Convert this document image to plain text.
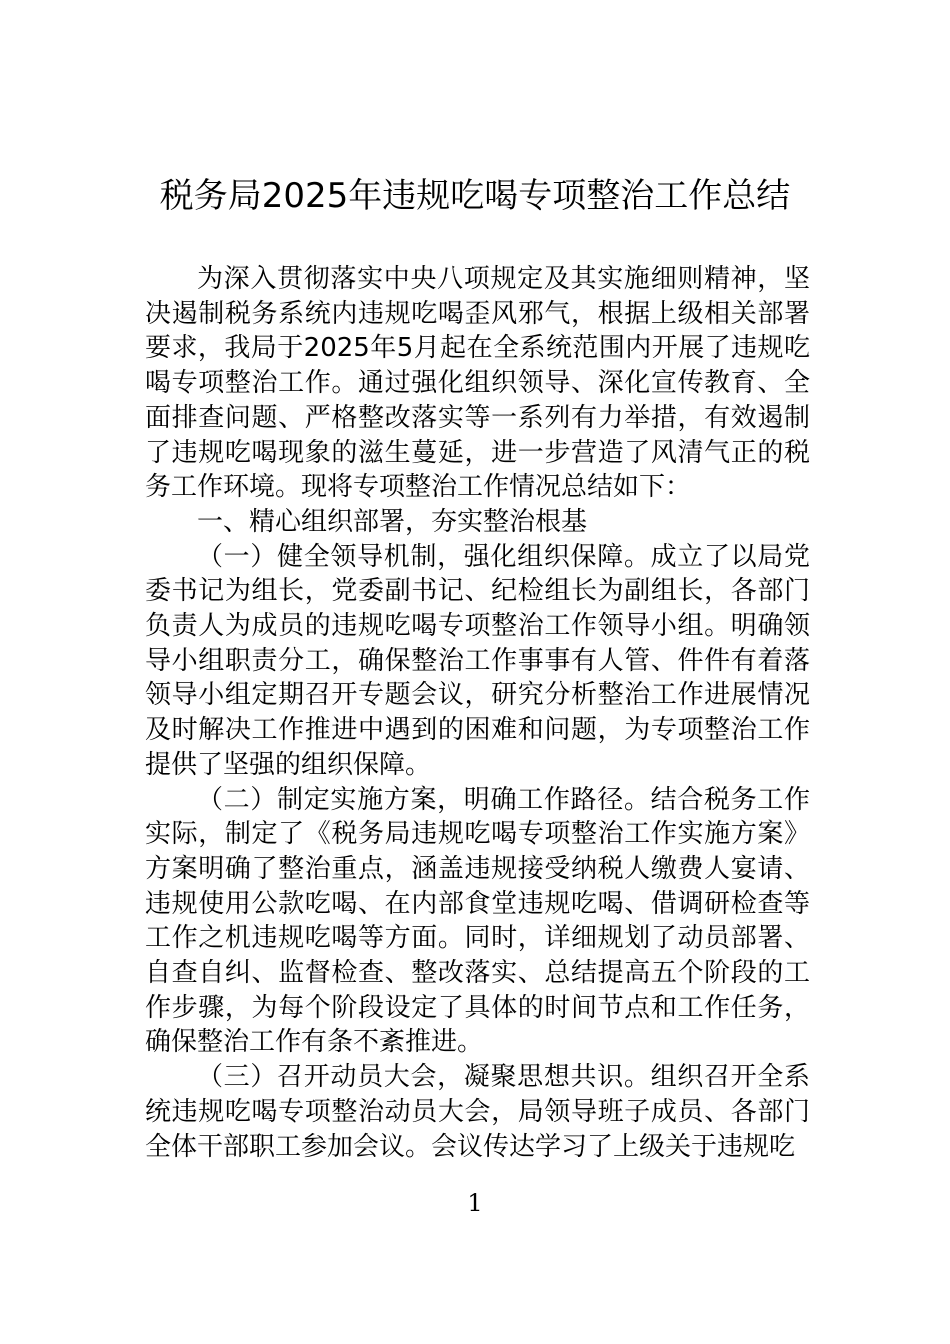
税务局2025年违规吃喝专项整治工作总结

为深入贯彻落实中央八项规定及其实施细则精神，坚决遏制税务系统内违规吃喝歪风邪气，根据上级相关部署要求，我局于2025年5月起在全系统范围内开展了违规吃喝专项整治工作。通过强化组织领导、深化宣传教育、全面排查问题、严格整改落实等一系列有力举措，有效遏制了违规吃喝现象的滋生蔓延，进一步营造了风清气正的税务工作环境。现将专项整治工作情况总结如下：

一、精心组织部署，夯实整治根基

（一）健全领导机制，强化组织保障。成立了以局党委书记为组长，党委副书记、纪检组长为副组长，各部门负责人为成员的违规吃喝专项整治工作领导小组。明确领导小组职责分工，确保整治工作事事有人管、件件有着落领导小组定期召开专题会议，研究分析整治工作进展情况及时解决工作推进中遇到的困难和问题，为专项整治工作提供了坚强的组织保障。

（二）制定实施方案，明确工作路径。结合税务工作实际，制定了《税务局违规吃喝专项整治工作实施方案》方案明确了整治重点，涵盖违规接受纳税人缴费人宴请、违规使用公款吃喝、在内部食堂违规吃喝、借调研检查等工作之机违规吃喝等方面。同时，详细规划了动员部署、自查自纠、监督检查、整改落实、总结提高五个阶段的工作步骤，为每个阶段设定了具体的时间节点和工作任务，确保整治工作有条不紊推进。

（三）召开动员大会，凝聚思想共识。组织召开全系统违规吃喝专项整治动员大会，局领导班子成员、各部门全体干部职工参加会议。会议传达学习了上级关于违规吃

1
